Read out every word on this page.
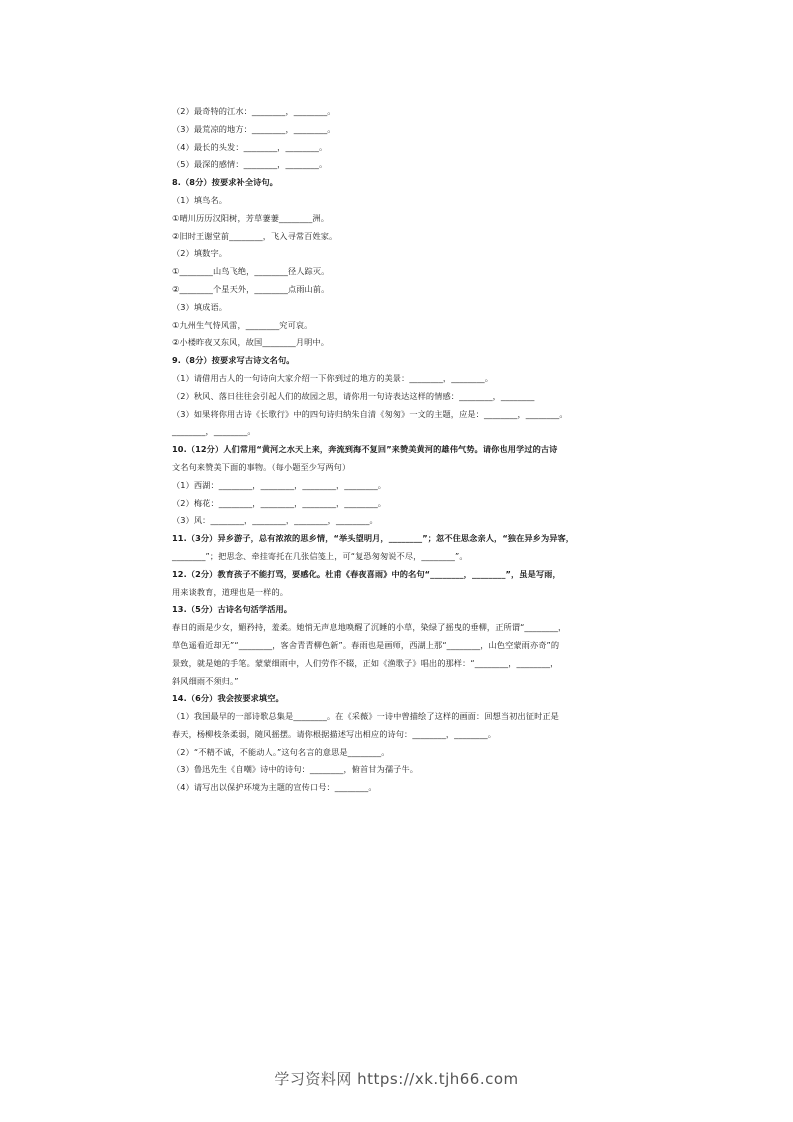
（2）最奇特的江水：________，________。
（3）最荒凉的地方：________，________。
（4）最长的头发：________，________。
（5）最深的感情：________，________。
8.（8分）按要求补全诗句。
（1）填鸟名。
①晴川历历汉阳树，芳草萋萋________洲。
②旧时王谢堂前________，飞入寻常百姓家。
（2）填数字。
①________山鸟飞绝，________径人踪灭。
②________个星天外，________点雨山前。
（3）填成语。
①九州生气恃风雷，________究可哀。
②小楼昨夜又东风，故国________月明中。
9.（8分）按要求写古诗文名句。
（1）请借用古人的一句诗向大家介绍一下你到过的地方的美景：________，________。
（2）秋风、落日往往会引起人们的故园之思，请你用一句诗表达这样的情感：________，________
（3）如果将你用古诗《长歌行》中的四句诗归纳朱自清《匆匆》一文的主题，应是：________，________。
________，________。
10.（12分）人们常用“黄河之水天上来，奔流到海不复回”来赞美黄河的雄伟气势。请你也用学过的古诗
文名句来赞美下面的事物。（每小题至少写两句）
（1）西湖：________，________，________，________。
（2）梅花：________，________，________，________。
（3）风：________，________，________，________。
11.（3分）异乡游子，总有浓浓的思乡情，“举头望明月，________”；忽不住思念亲人，“独在异乡为异客，
________”；把思念、牵挂寄托在几张信笺上，可“复恐匆匆说不尽，________”。
12.（2分）教育孩子不能打骂，要感化。杜甫《春夜喜雨》中的名句“________，________”，虽是写雨，
用来谈教育，道理也是一样的。
13.（5分）古诗名句活学活用。
春日的雨是少女，媚矜持，羞柔。她悄无声息地唤醒了沉睡的小草，染绿了摇曳的垂柳，正所谓“________，
草色遥看近却无”“________，客舍青青柳色新”。春雨也是画师，西湖上那“________，山色空蒙雨亦奇”的
景致，就是她的手笔。蒙蒙细雨中，人们劳作不辍，正如《渔歌子》唱出的那样：“________，________，
斜风细雨不须归。”
14.（6分）我会按要求填空。
（1）我国最早的一部诗歌总集是________。在《采薇》一诗中曾描绘了这样的画面：回想当初出征时正是
春天，杨柳枝条柔弱，随风摇摆。请你根据描述写出相应的诗句：________，________。
（2）“不精不诚，不能动人。”这句名言的意思是________。
（3）鲁迅先生《自嘲》诗中的诗句：________，俯首甘为孺子牛。
（4）请写出以保护环境为主题的宣传口号：________。
学习资料网 https://xk.tjh66.com
